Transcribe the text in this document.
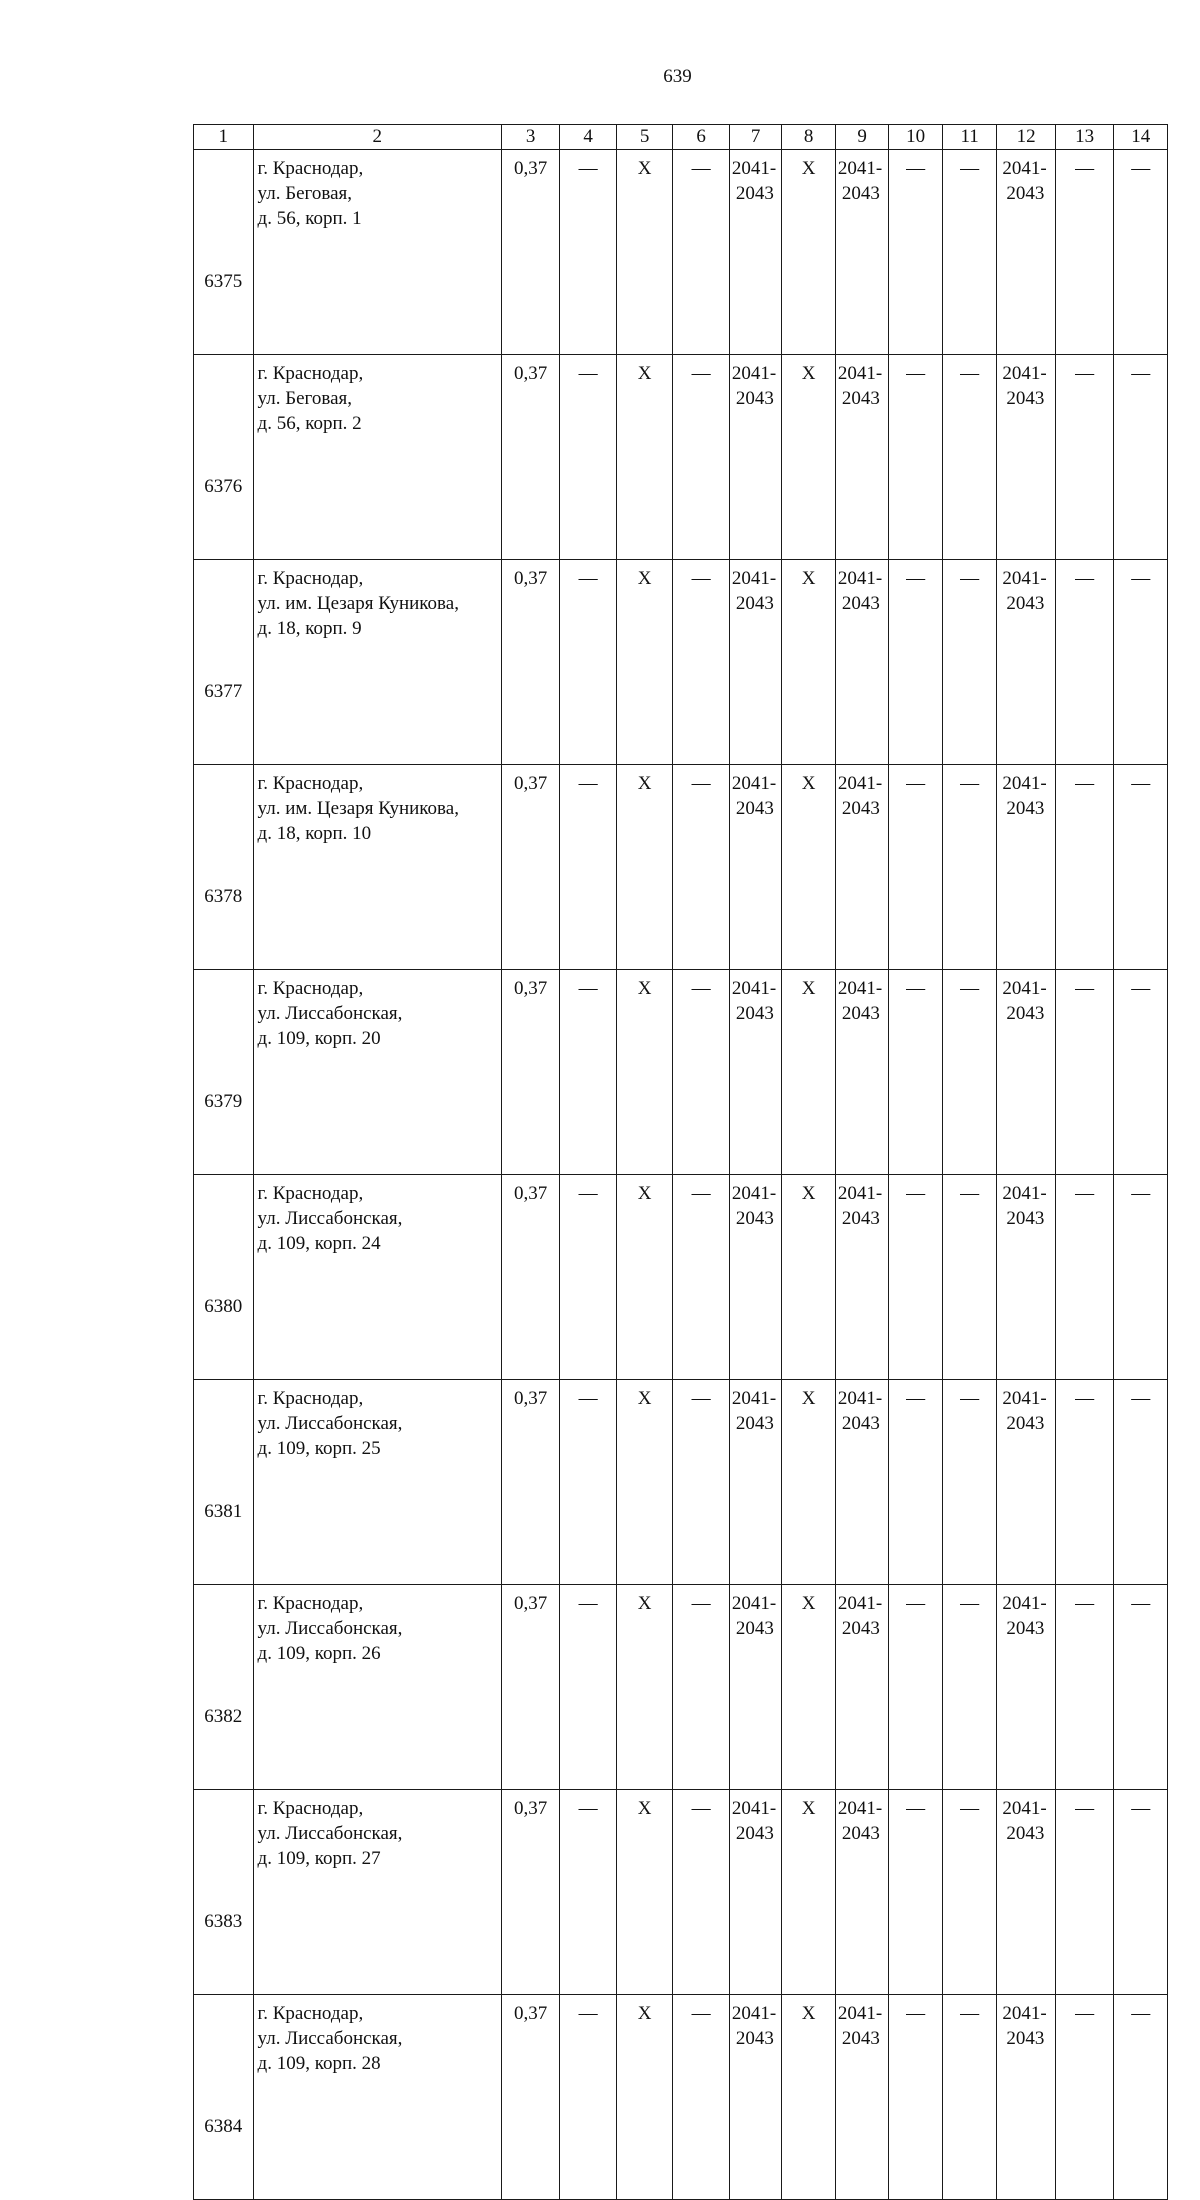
639
1	2	3	4	5	6	7	8	9	10	11	12	13	14
6375	г. Краснодар,
ул. Беговая,
д. 56, корп. 1	0,37	—	Х	—	2041-
2043	Х	2041-
2043	—	—	2041-
2043	—	—
6376	г. Краснодар,
ул. Беговая,
д. 56, корп. 2	0,37	—	Х	—	2041-
2043	Х	2041-
2043	—	—	2041-
2043	—	—
6377	г. Краснодар,
ул. им. Цезаря Куникова,
д. 18, корп. 9	0,37	—	Х	—	2041-
2043	Х	2041-
2043	—	—	2041-
2043	—	—
6378	г. Краснодар,
ул. им. Цезаря Куникова,
д. 18, корп. 10	0,37	—	Х	—	2041-
2043	Х	2041-
2043	—	—	2041-
2043	—	—
6379	г. Краснодар,
ул. Лиссабонская,
д. 109, корп. 20	0,37	—	Х	—	2041-
2043	Х	2041-
2043	—	—	2041-
2043	—	—
6380	г. Краснодар,
ул. Лиссабонская,
д. 109, корп. 24	0,37	—	Х	—	2041-
2043	Х	2041-
2043	—	—	2041-
2043	—	—
6381	г. Краснодар,
ул. Лиссабонская,
д. 109, корп. 25	0,37	—	Х	—	2041-
2043	Х	2041-
2043	—	—	2041-
2043	—	—
6382	г. Краснодар,
ул. Лиссабонская,
д. 109, корп. 26	0,37	—	Х	—	2041-
2043	Х	2041-
2043	—	—	2041-
2043	—	—
6383	г. Краснодар,
ул. Лиссабонская,
д. 109, корп. 27	0,37	—	Х	—	2041-
2043	Х	2041-
2043	—	—	2041-
2043	—	—
6384	г. Краснодар,
ул. Лиссабонская,
д. 109, корп. 28	0,37	—	Х	—	2041-
2043	Х	2041-
2043	—	—	2041-
2043	—	—
